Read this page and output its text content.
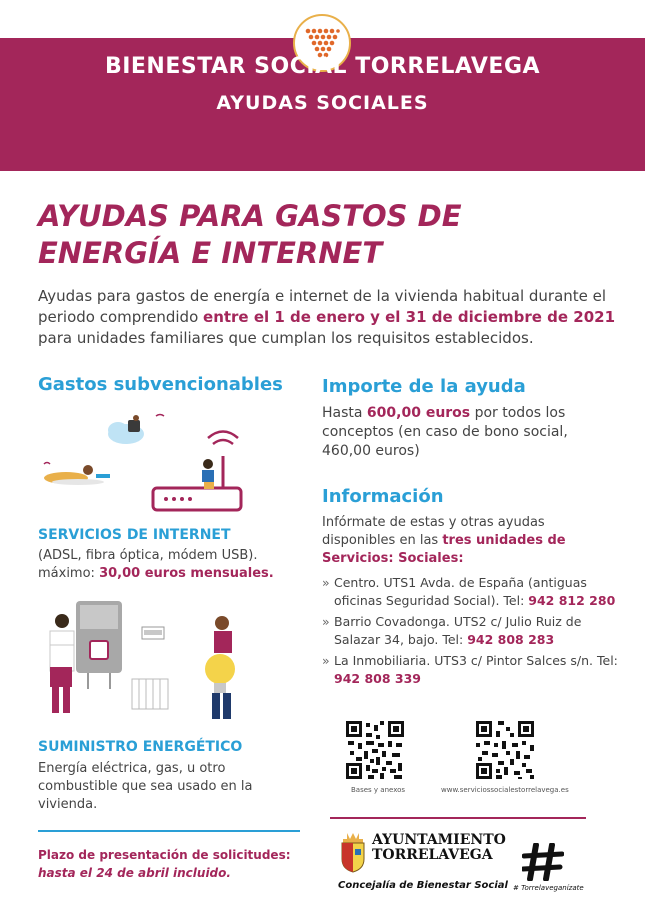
BIENESTAR SOCIAL TORRELAVEGA
AYUDAS SOCIALES
AYUDAS PARA GASTOS DE
ENERGÍA E INTERNET

Ayudas para gastos de energía e internet de la vivienda habitual durante el periodo comprendido entre el 1 de enero y el 31 de diciembre de 2021 para unidades familiares que cumplan los requisitos establecidos.

Gastos subvencionables
SERVICIOS DE INTERNET

(ADSL, fibra óptica, módem USB).
máximo: 30,00 euros mensuales.

SUMINISTRO ENERGÉTICO

Energía eléctrica, gas, u otro combustible que sea usado en la vivienda.

Importe de la ayuda

Hasta 600,00 euros por todos los conceptos (en caso de bono social, 460,00 euros)

Información

Infórmate de estas y otras ayudas disponibles en las tres unidades de Servicios: Sociales:

» Centro. UTS1 Avda. de España (antiguas oficinas Seguridad Social). Tel: 942 812 280
» Barrio Covadonga. UTS2 c/ Julio Ruiz de Salazar 34, bajo. Tel: 942 808 283
» La Inmobiliaria. UTS3 c/ Pintor Salces s/n. Tel: 942 808 339

Bases y anexos	www.serviciossocialestorrelavega.es

Plazo de presentación de solicitudes:
hasta el 24 de abril incluido.

AYUNTAMIENTO
TORRELAVEGA

Concejalía de Bienestar Social # Torrelaveganízate
